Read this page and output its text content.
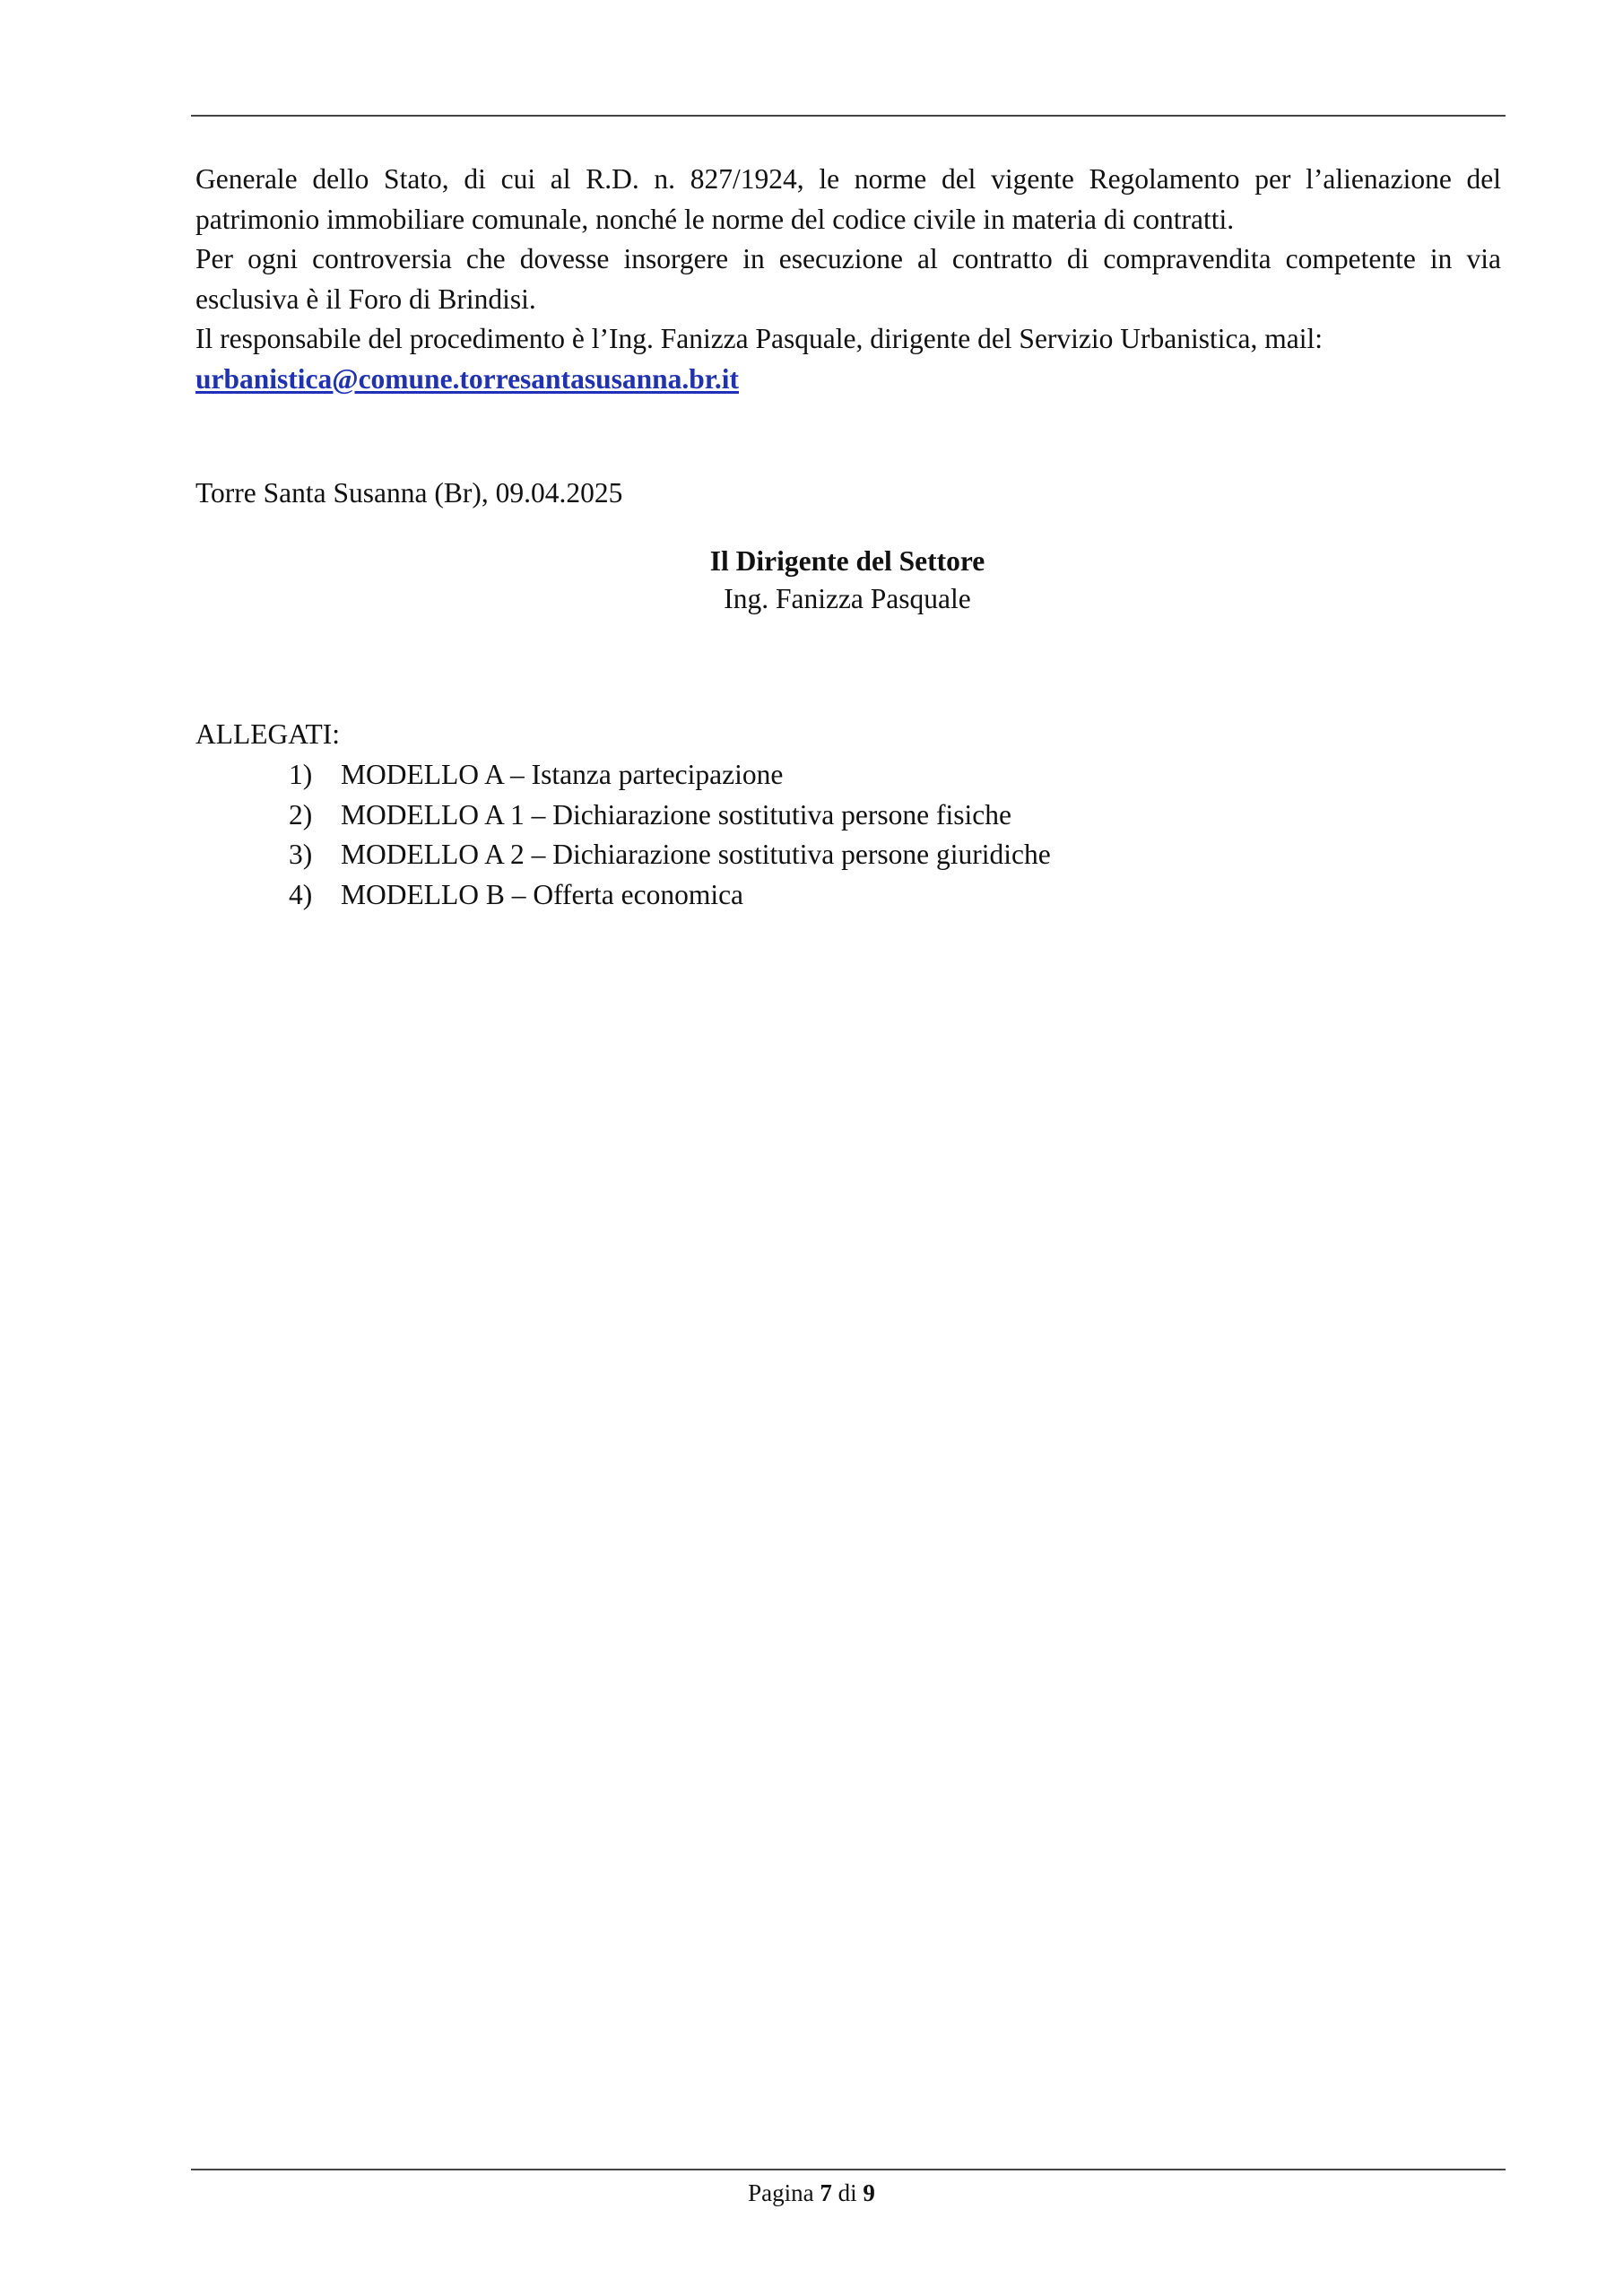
Generale dello Stato, di cui al R.D. n. 827/1924, le norme del vigente Regolamento per l’alienazione del patrimonio immobiliare comunale, nonché le norme del codice civile in materia di contratti.

Per ogni controversia che dovesse insorgere in esecuzione al contratto di compravendita competente in via esclusiva è il Foro di Brindisi.

Il responsabile del procedimento è l’Ing. Fanizza Pasquale, dirigente del Servizio Urbanistica, mail:

urbanistica@comune.torresantasusanna.br.it
Torre Santa Susanna (Br), 09.04.2025
Il Dirigente del Settore
Ing. Fanizza Pasquale
ALLEGATI:
1)	MODELLO A – Istanza partecipazione
2)	MODELLO A 1 – Dichiarazione sostitutiva persone fisiche
3)	MODELLO A 2 – Dichiarazione sostitutiva persone giuridiche
4)	MODELLO B – Offerta economica
Pagina 7 di 9
